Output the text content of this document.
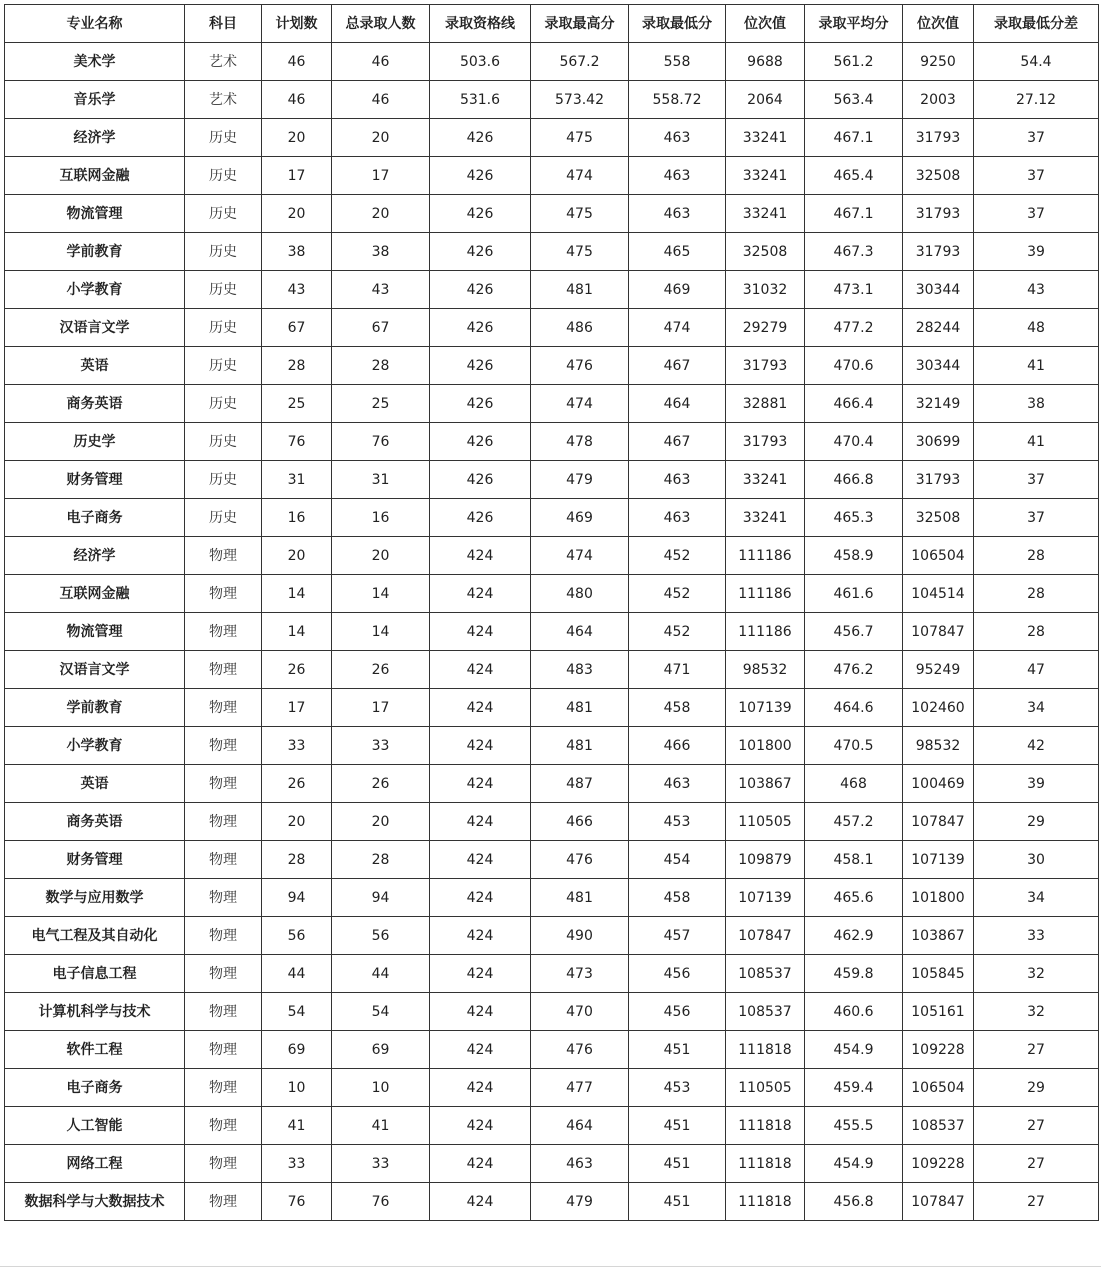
专业名称	科目	计划数	总录取人数	录取资格线	录取最高分	录取最低分	位次值	录取平均分	位次值	录取最低分差
美术学	艺术	46	46	503.6	567.2	558	9688	561.2	9250	54.4
音乐学	艺术	46	46	531.6	573.42	558.72	2064	563.4	2003	27.12
经济学	历史	20	20	426	475	463	33241	467.1	31793	37
互联网金融	历史	17	17	426	474	463	33241	465.4	32508	37
物流管理	历史	20	20	426	475	463	33241	467.1	31793	37
学前教育	历史	38	38	426	475	465	32508	467.3	31793	39
小学教育	历史	43	43	426	481	469	31032	473.1	30344	43
汉语言文学	历史	67	67	426	486	474	29279	477.2	28244	48
英语	历史	28	28	426	476	467	31793	470.6	30344	41
商务英语	历史	25	25	426	474	464	32881	466.4	32149	38
历史学	历史	76	76	426	478	467	31793	470.4	30699	41
财务管理	历史	31	31	426	479	463	33241	466.8	31793	37
电子商务	历史	16	16	426	469	463	33241	465.3	32508	37
经济学	物理	20	20	424	474	452	111186	458.9	106504	28
互联网金融	物理	14	14	424	480	452	111186	461.6	104514	28
物流管理	物理	14	14	424	464	452	111186	456.7	107847	28
汉语言文学	物理	26	26	424	483	471	98532	476.2	95249	47
学前教育	物理	17	17	424	481	458	107139	464.6	102460	34
小学教育	物理	33	33	424	481	466	101800	470.5	98532	42
英语	物理	26	26	424	487	463	103867	468	100469	39
商务英语	物理	20	20	424	466	453	110505	457.2	107847	29
财务管理	物理	28	28	424	476	454	109879	458.1	107139	30
数学与应用数学	物理	94	94	424	481	458	107139	465.6	101800	34
电气工程及其自动化	物理	56	56	424	490	457	107847	462.9	103867	33
电子信息工程	物理	44	44	424	473	456	108537	459.8	105845	32
计算机科学与技术	物理	54	54	424	470	456	108537	460.6	105161	32
软件工程	物理	69	69	424	476	451	111818	454.9	109228	27
电子商务	物理	10	10	424	477	453	110505	459.4	106504	29
人工智能	物理	41	41	424	464	451	111818	455.5	108537	27
网络工程	物理	33	33	424	463	451	111818	454.9	109228	27
数据科学与大数据技术	物理	76	76	424	479	451	111818	456.8	107847	27
